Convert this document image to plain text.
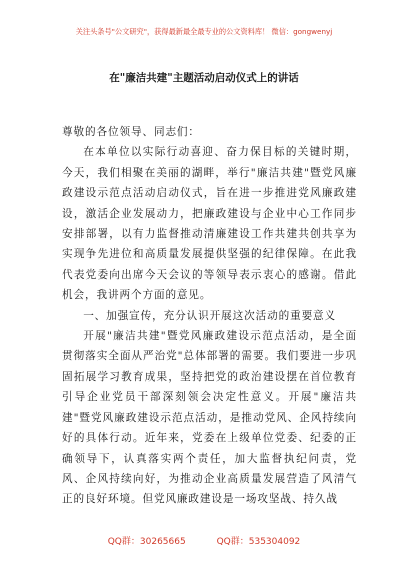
关注头条号"公文研究"，获得最新最全最专业的公文资料库！ 微信：gongwenyj
在"廉洁共建"主题活动启动仪式上的讲话

尊敬的各位领导、同志们：

在本单位以实际行动喜迎、奋力保目标的关键时期，今天，我们相聚在美丽的湖畔，举行"廉洁共建"暨党风廉政建设示范点活动启动仪式，旨在进一步推进党风廉政建设，激活企业发展动力，把廉政建设与企业中心工作同步安排部署，以有力监督推动清廉建设工作共建共创共享为实现争先进位和高质量发展提供坚强的纪律保障。在此我代表党委向出席今天会议的等领导表示衷心的感谢。借此机会，我讲两个方面的意见。

一、加强宣传，充分认识开展这次活动的重要意义

开展"廉洁共建"暨党风廉政建设示范点活动，是全面贯彻落实全面从严治党"总体部署的需要。我们要进一步巩固拓展学习教育成果，坚持把党的政治建设摆在首位教育引导企业党员干部深刻领会决定性意义。开展"廉洁共建"暨党风廉政建设示范点活动，是推动党风、企风持续向好的具体行动。近年来，党委在上级单位党委、纪委的正确领导下，认真落实两个责任，加大监督执纪问责，党风、企风持续向好，为推动企业高质量发展营造了风清气正的良好环境。但党风廉政建设是一场攻坚战、持久战

QQ群：30265665	QQ群：535304092
